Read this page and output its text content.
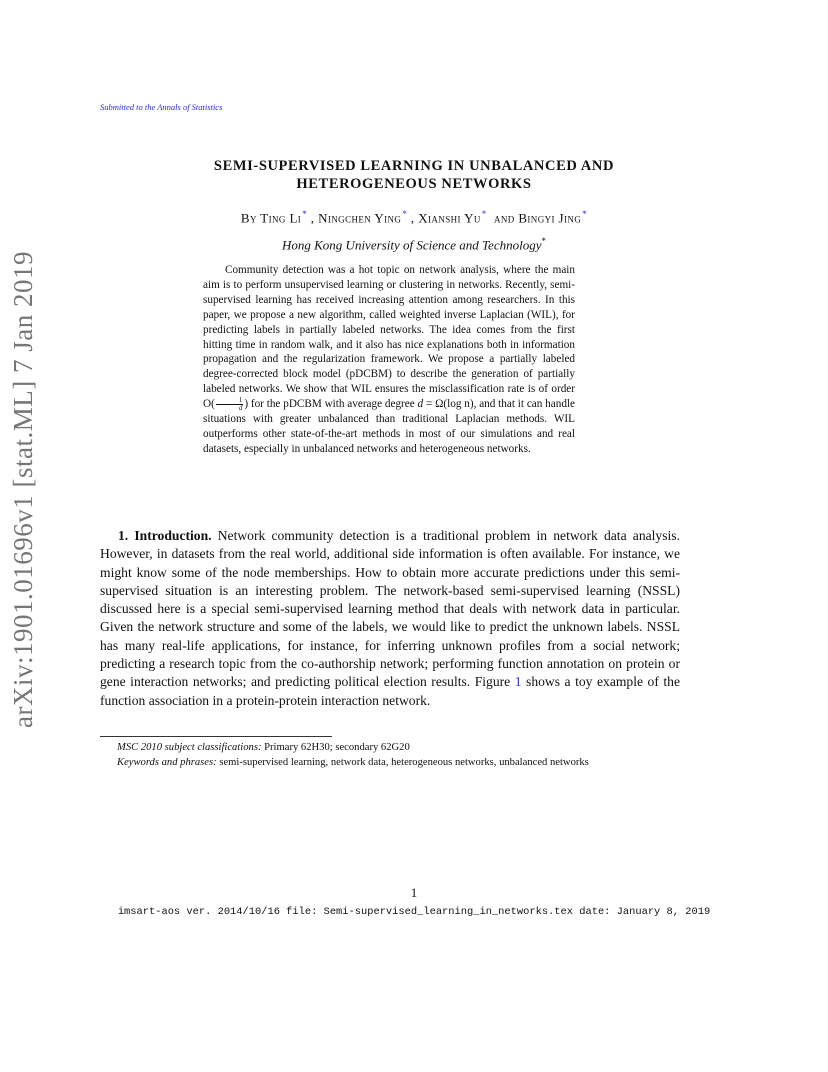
arXiv:1901.01696v1 [stat.ML] 7 Jan 2019
Submitted to the Annals of Statistics
SEMI-SUPERVISED LEARNING IN UNBALANCED AND
HETEROGENEOUS NETWORKS
By Ting Li* , Ningchen Ying* , Xianshi Yu* and Bingyi Jing*
Hong Kong University of Science and Technology*

Community detection was a hot topic on network analysis, where the main aim is to perform unsupervised learning or clustering in networks. Recently, semi-supervised learning has received increasing attention among researchers. In this paper, we propose a new algorithm, called weighted inverse Laplacian (WIL), for predicting labels in partially labeled networks. The idea comes from the first hitting time in random walk, and it also has nice explanations both in information propagation and the regularization framework. We propose a partially labeled degree-corrected block model (pDCBM) to describe the generation of partially labeled networks. We show that WIL ensures the misclassification rate is of order $O( \frac{1}{d}$ ) for the pDCBM with average degree d = Ω(log n), and that it can handle situations with greater unbalanced than traditional Laplacian methods. WIL outperforms other state-of-the-art methods in most of our simulations and real datasets, especially in unbalanced networks and heterogeneous networks.

1. Introduction. Network community detection is a traditional problem in network data analysis. However, in datasets from the real world, additional side information is often available. For instance, we might know some of the node memberships. How to obtain more accurate predictions under this semi-supervised situation is an interesting problem. The network-based semi-supervised learning (NSSL) discussed here is a special semi-supervised learning method that deals with network data in particular. Given the network structure and some of the labels, we would like to predict the unknown labels. NSSL has many real-life applications, for instance, for inferring unknown profiles from a social network; predicting a research topic from the co-authorship network; performing function annotation on protein or gene interaction networks; and predicting political election results. Figure 1 shows a toy example of the function association in a protein-protein interaction network.

MSC 2010 subject classifications: Primary 62H30; secondary 62G20

Keywords and phrases: semi-supervised learning, network data, heterogeneous networks, unbalanced networks

1
imsart-aos ver. 2014/10/16 file: Semi-supervised_learning_in_networks.tex date: January 8, 2019
